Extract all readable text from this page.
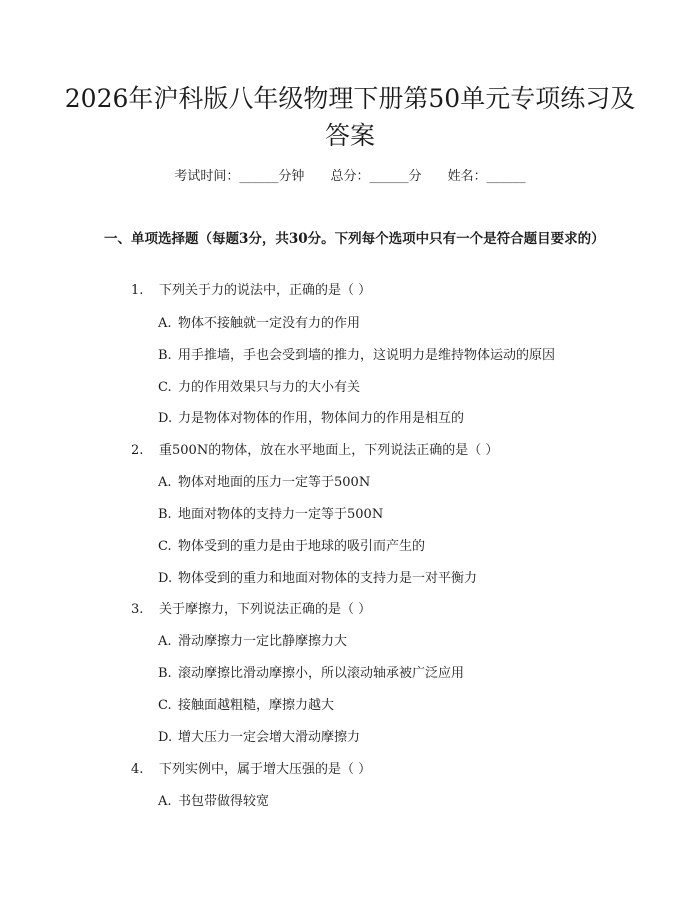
2026年沪科版八年级物理下册第50单元专项练习及答案
考试时间：______分钟 总分：______分 姓名：______
一、单项选择题（每题3分，共30分。下列每个选项中只有一个是符合题目要求的）
1. 下列关于力的说法中，正确的是（ ）
A. 物体不接触就一定没有力的作用
B. 用手推墙，手也会受到墙的推力，这说明力是维持物体运动的原因
C. 力的作用效果只与力的大小有关
D. 力是物体对物体的作用，物体间力的作用是相互的
2. 重500N的物体，放在水平地面上，下列说法正确的是（ ）
A. 物体对地面的压力一定等于500N
B. 地面对物体的支持力一定等于500N
C. 物体受到的重力是由于地球的吸引而产生的
D. 物体受到的重力和地面对物体的支持力是一对平衡力
3. 关于摩擦力，下列说法正确的是（ ）
A. 滑动摩擦力一定比静摩擦力大
B. 滚动摩擦比滑动摩擦小，所以滚动轴承被广泛应用
C. 接触面越粗糙，摩擦力越大
D. 增大压力一定会增大滑动摩擦力
4. 下列实例中，属于增大压强的是（ ）
A. 书包带做得较宽
